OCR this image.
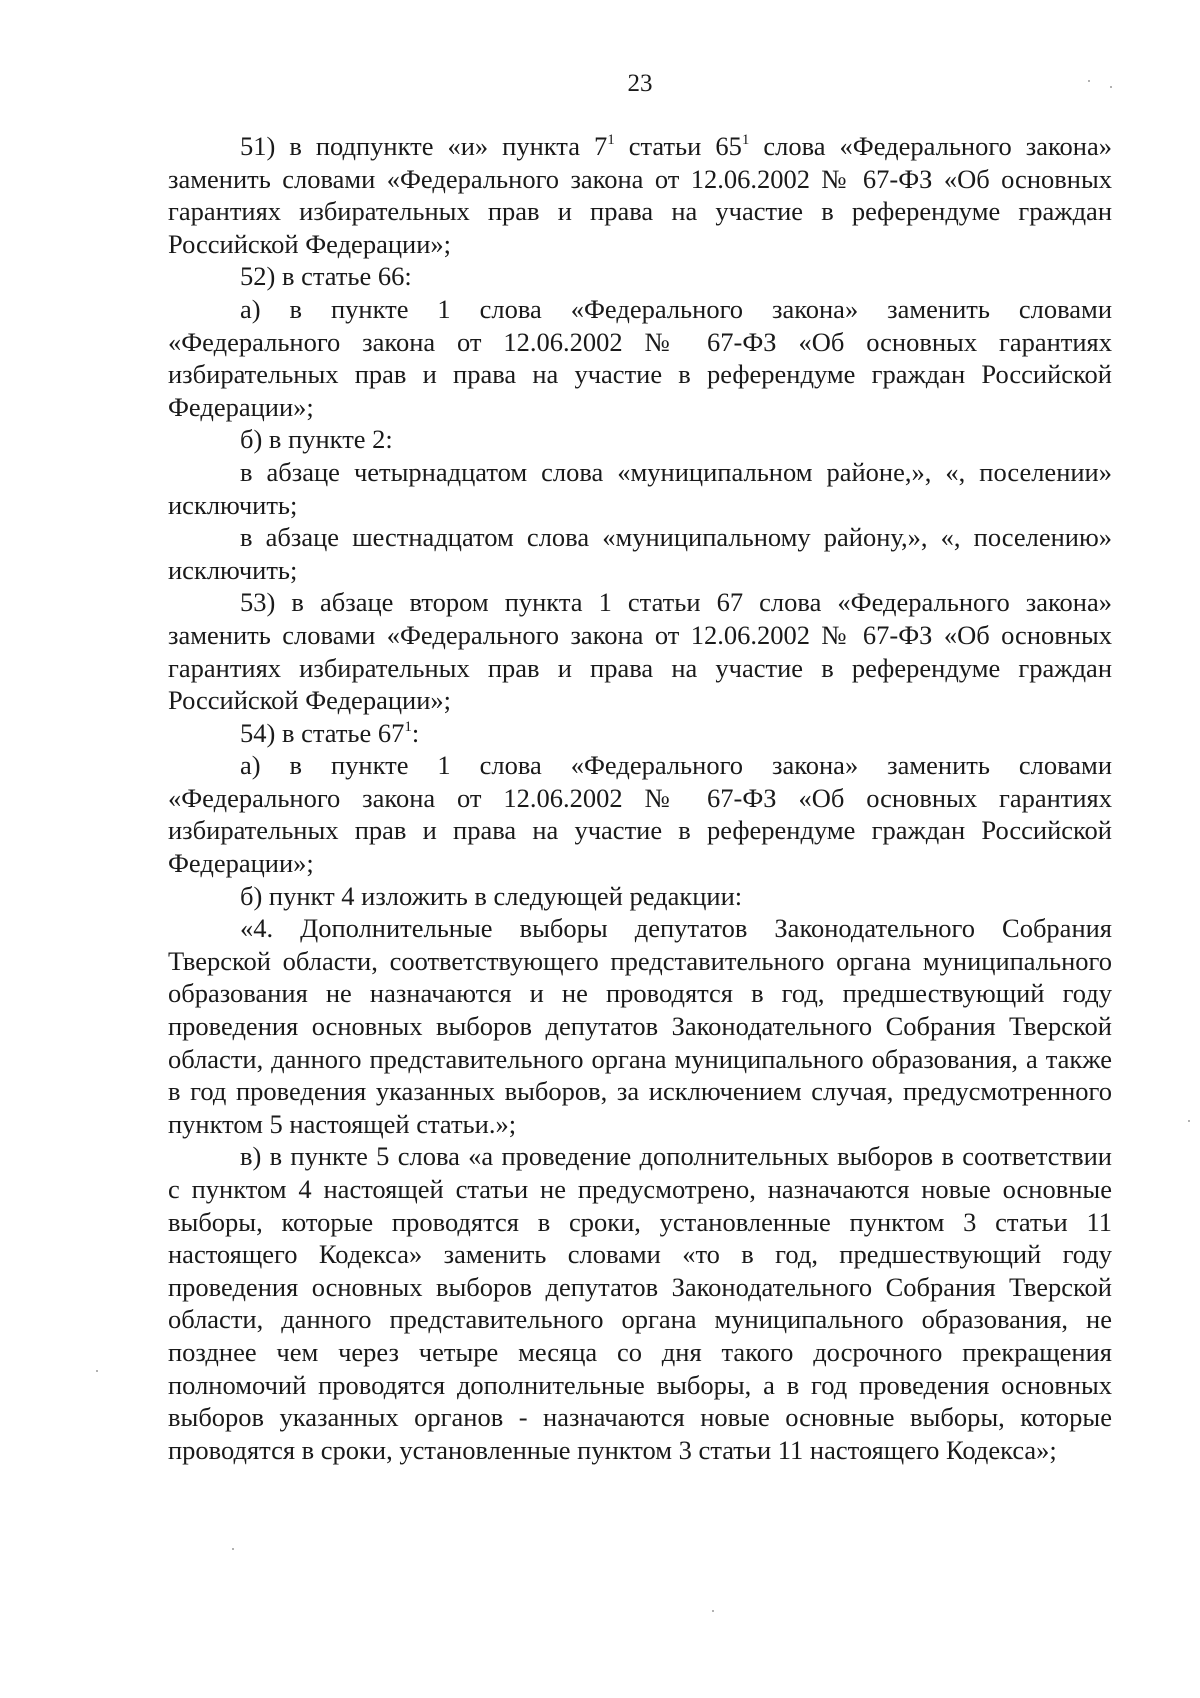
23

51) в подпункте «и» пункта $7^1$ статьи $65^1$ слова «Федерального закона» заменить словами «Федерального закона от 12.06.2002 № 67-ФЗ «Об основных гарантиях избирательных прав и права на участие в референдуме граждан Российской Федерации»;

52) в статье 66:

а) в пункте 1 слова «Федерального закона» заменить словами «Федерального закона от 12.06.2002 № 67-ФЗ «Об основных гарантиях избирательных прав и права на участие в референдуме граждан Российской Федерации»;

б) в пункте 2:

в абзаце четырнадцатом слова «муниципальном районе,», «, поселении» исключить;

в абзаце шестнадцатом слова «муниципальному району,», «, поселению» исключить;

53) в абзаце втором пункта 1 статьи 67 слова «Федерального закона» заменить словами «Федерального закона от 12.06.2002 № 67-ФЗ «Об основных гарантиях избирательных прав и права на участие в референдуме граждан Российской Федерации»;

54) в статье $67^1$:

а) в пункте 1 слова «Федерального закона» заменить словами «Федерального закона от 12.06.2002 № 67-ФЗ «Об основных гарантиях избирательных прав и права на участие в референдуме граждан Российской Федерации»;

б) пункт 4 изложить в следующей редакции:

«4. Дополнительные выборы депутатов Законодательного Собрания Тверской области, соответствующего представительного органа муниципального образования не назначаются и не проводятся в год, предшествующий году проведения основных выборов депутатов Законодательного Собрания Тверской области, данного представительного органа муниципального образования, а также в год проведения указанных выборов, за исключением случая, предусмотренного пунктом 5 настоящей статьи.»;

в) в пункте 5 слова «а проведение дополнительных выборов в соответствии с пунктом 4 настоящей статьи не предусмотрено, назначаются новые основные выборы, которые проводятся в сроки, установленные пунктом 3 статьи 11 настоящего Кодекса» заменить словами «то в год, предшествующий году проведения основных выборов депутатов Законодательного Собрания Тверской области, данного представительного органа муниципального образования, не позднее чем через четыре месяца со дня такого досрочного прекращения полномочий проводятся дополнительные выборы, а в год проведения основных выборов указанных органов - назначаются новые основные выборы, которые проводятся в сроки, установленные пунктом 3 статьи 11 настоящего Кодекса»;
